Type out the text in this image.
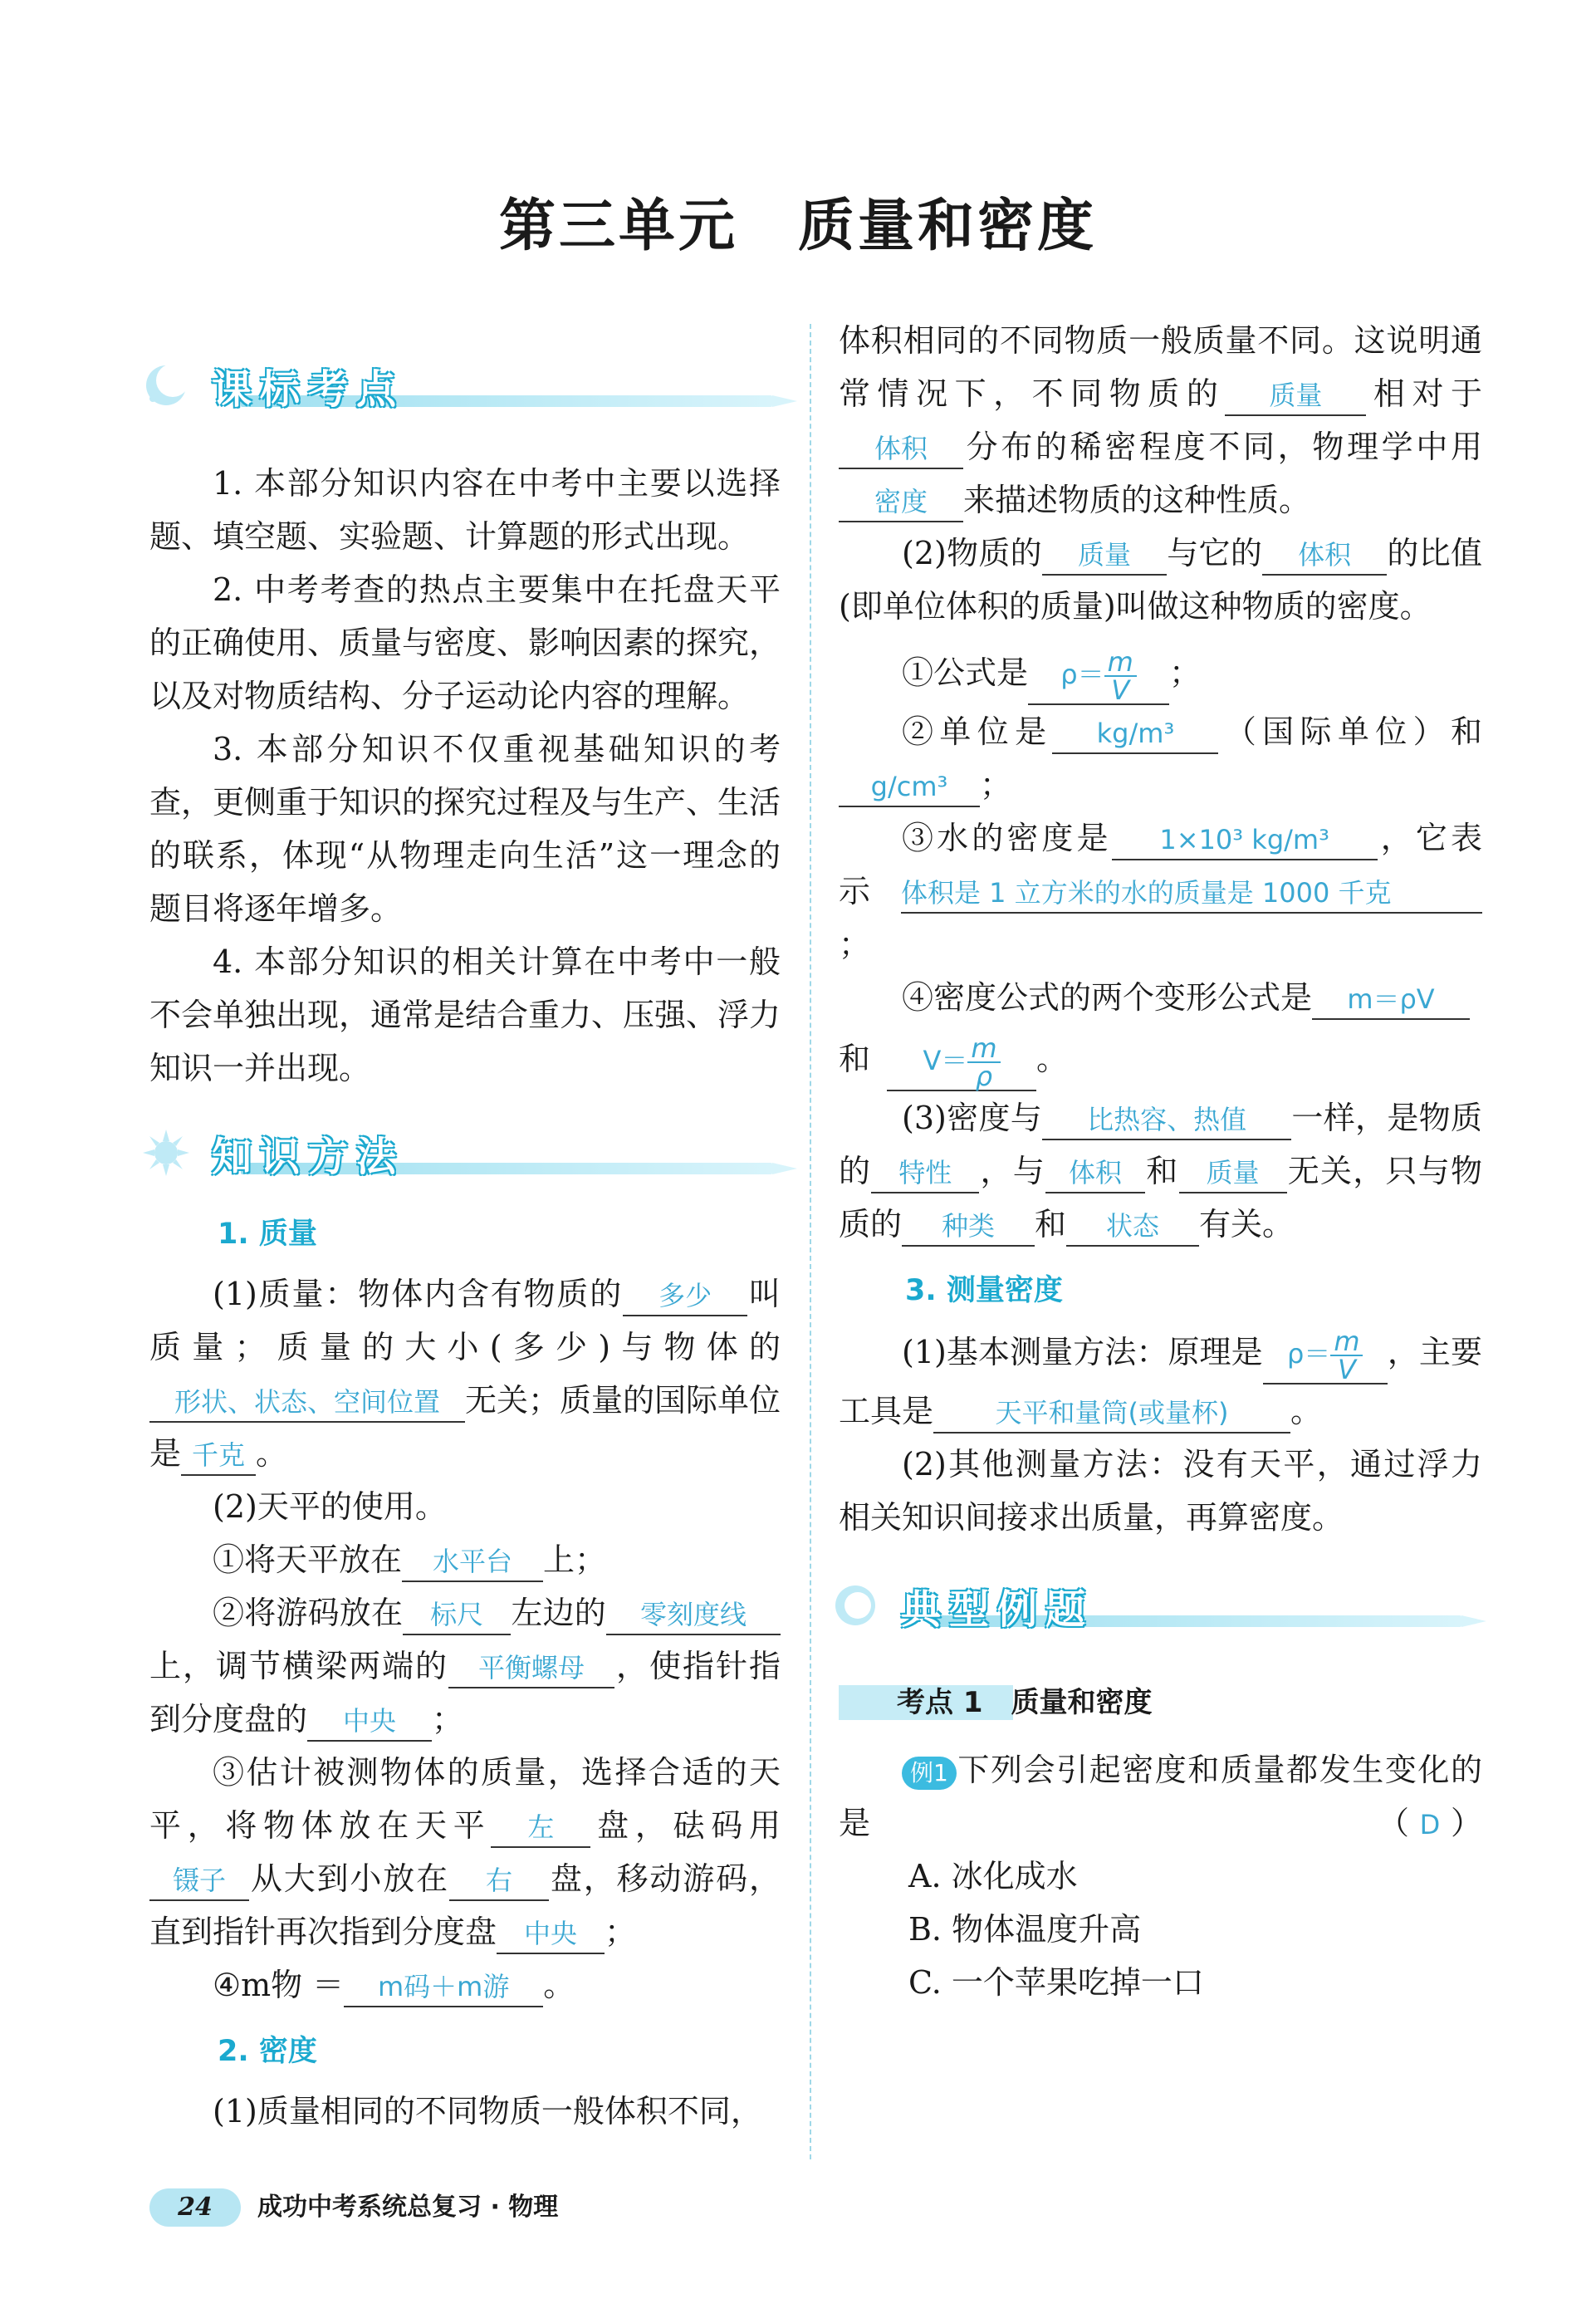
第三单元　质量和密度
课标考点

1. 本部分知识内容在中考中主要以选择题、填空题、实验题、计算题的形式出现。

2. 中考考查的热点主要集中在托盘天平的正确使用、质量与密度、影响因素的探究，以及对物质结构、分子运动论内容的理解。

3. 本部分知识不仅重视基础知识的考查，更侧重于知识的探究过程及与生产、生活的联系，体现“从物理走向生活”这一理念的题目将逐年增多。

4. 本部分知识的相关计算在中考中一般不会单独出现，通常是结合重力、压强、浮力知识一并出现。

知识方法
1. 质量

(1)质量：物体内含有物质的 多少 叫质量；质量的大小(多少)与物体的形状、状态、空间位置 无关；质量的国际单位是 千克 。

(2)天平的使用。

①将天平放在 水平台 上；

②将游码放在 标尺 左边的 零刻度线上，调节横梁两端的 平衡螺母 ，使指针指到分度盘的 中央 ；

③估计被测物体的质量，选择合适的天平，将物体放在天平 左 盘，砝码用镊子 从大到小放在 右 盘，移动游码，直到指针再次指到分度盘 中央 ；

④m物 ＝ m码＋m游 。

2. 密度

(1)质量相同的不同物质一般体积不同，

体积相同的不同物质一般质量不同。这说明通常情况下，不同物质的 质量 相对于体积 分布的稀密程度不同，物理学中用密度 来描述物质的这种性质。

(2)物质的 质量 与它的 体积 的比值(即单位体积的质量)叫做这种物质的密度。

①公式是 $\rho= \frac{m}{V}$ ；

②单位是 kg/m³ （国际单位）和g/cm³ ；

③水的密度是 1×10³ kg/m³ ，它表示体积是 1 立方米的水的质量是 1000 千克；

④密度公式的两个变形公式是 m＝ρV

和 $V= \frac{m}{\rho}$ 。

(3)密度与 比热容、热值 一样，是物质的 特性 ，与 体积 和 质量 无关，只与物质的 种类 和 状态 有关。

3. 测量密度

(1)基本测量方法：原理是 $\rho= \frac{m}{V}$ ，主要工具是 天平和量筒(或量杯) 。

(2)其他测量方法：没有天平，通过浮力相关知识间接求出质量，再算密度。

典型例题
考点 1　 质量和密度

例1 下列会引起密度和质量都发生变化的是	（ D ）

A. 冰化成水

B. 物体温度升高

C. 一个苹果吃掉一口

24	成功中考系统总复习 · 物理
